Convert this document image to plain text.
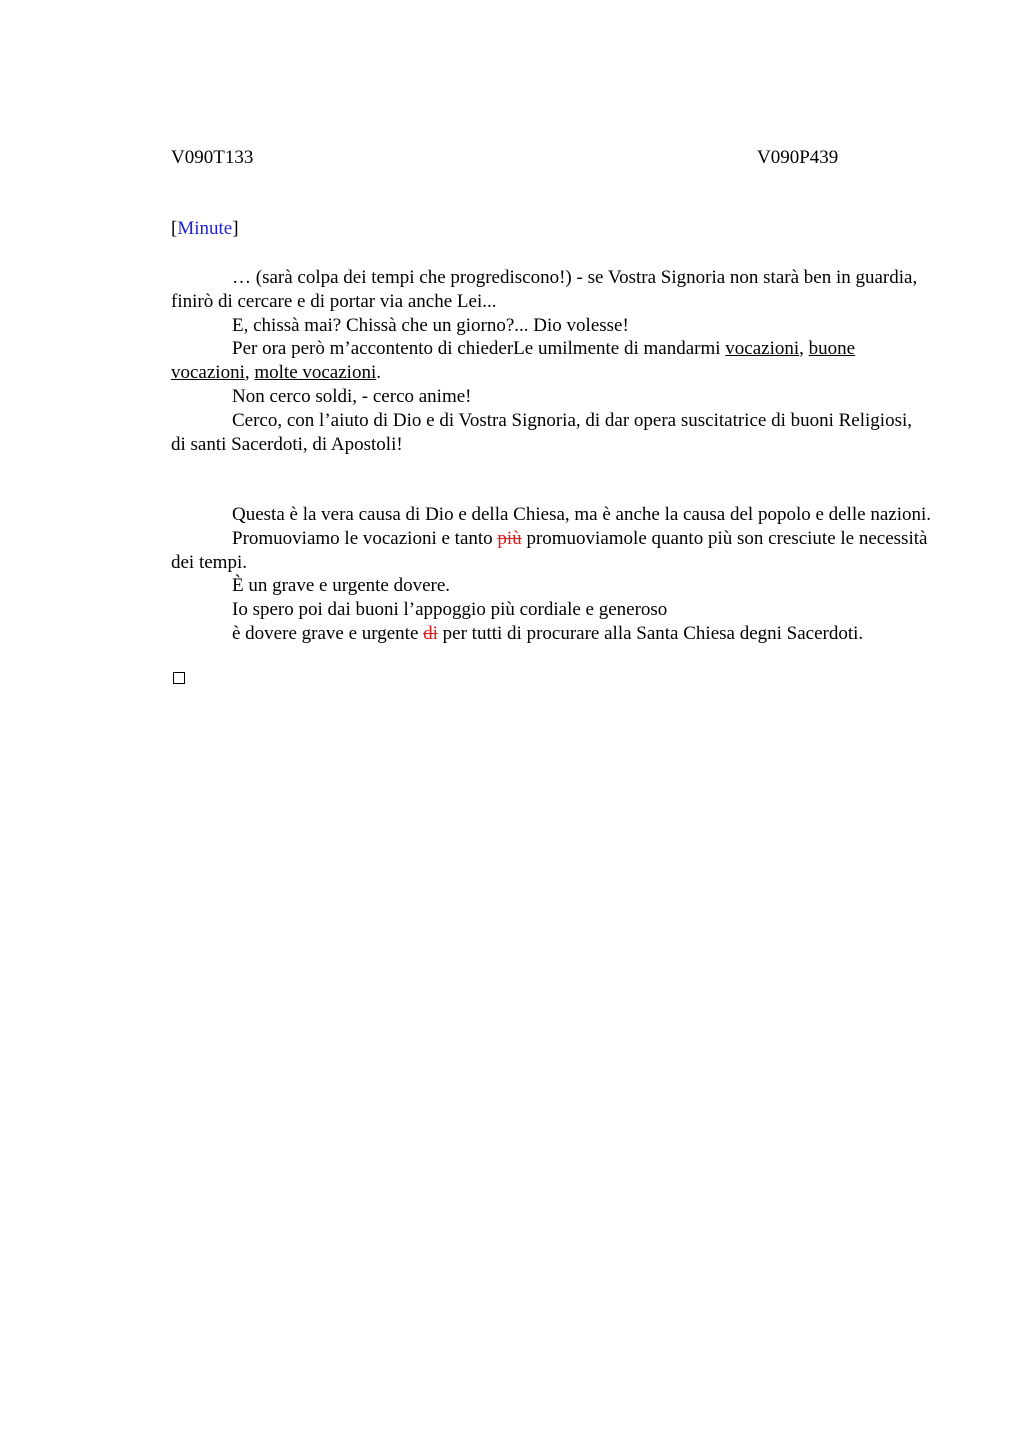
V090T133	V090P439
[Minute]

… (sarà colpa dei tempi che progrediscono!) - se Vostra Signoria non starà ben in guardia, finirò di cercare e di portar via anche Lei...

E, chissà mai? Chissà che un giorno?... Dio volesse!

Per ora però m’accontento di chiederLe umilmente di mandarmi vocazioni, buone vocazioni, molte vocazioni.

Non cerco soldi, - cerco anime!

Cerco, con l’aiuto di Dio e di Vostra Signoria, di dar opera suscitatrice di buoni Religiosi, di santi Sacerdoti, di Apostoli!

Questa è la vera causa di Dio e della Chiesa, ma è anche la causa del popolo e delle nazioni.

Promuoviamo le vocazioni e tanto più promuoviamole quanto più son cresciute le necessità dei tempi.

È un grave e urgente dovere.

Io spero poi dai buoni l’appoggio più cordiale e generoso

è dovere grave e urgente di per tutti di procurare alla Santa Chiesa degni Sacerdoti.
